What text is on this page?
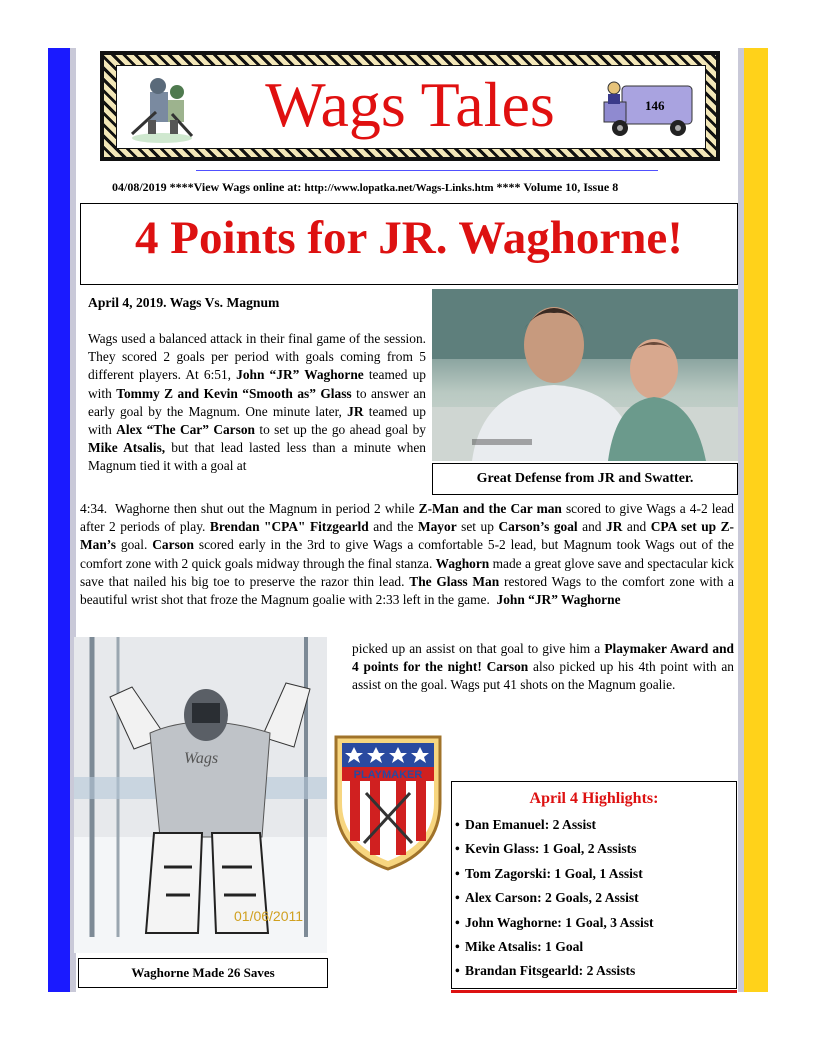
Wags Tales	146
04/08/2019 ****View Wags online at: http://www.lopatka.net/Wags-Links.htm **** Volume 10, Issue 8
4 Points for JR. Waghorne!
April 4, 2019. Wags Vs. Magnum
Wags used a balanced attack in their final game of the session. They scored 2 goals per period with goals coming from 5 different players. At 6:51, John “JR” Waghorne teamed up with Tommy Z and Kevin “Smooth as” Glass to answer an early goal by the Magnum. One minute later, JR teamed up with Alex “The Car” Carson to set up the go ahead goal by Mike Atsalis, but that lead lasted less than a minute when Magnum tied it with a goal at
4:34.  Waghorne then shut out the Magnum in period 2 while Z-Man and the Car man scored to give Wags a 4-2 lead after 2 periods of play. Brendan "CPA" Fitzgearld and the Mayor set up Carson’s goal and JR and CPA set up Z-Man’s goal. Carson scored early in the 3rd to give Wags a comfortable 5-2 lead, but Magnum took Wags out of the comfort zone with 2 quick goals midway through the final stanza. Waghorn made a great glove save and spectacular kick save that nailed his big toe to preserve the razor thin lead. The Glass Man restored Wags to the comfort zone with a beautiful wrist shot that froze the Magnum goalie with 2:33 left in the game.  John “JR” Waghorne
picked up an assist on that goal to give him a Playmaker Award and 4 points for the night! Carson also picked up his 4th point with an assist on the goal. Wags put 41 shots on the Magnum goalie.
Great Defense from JR and Swatter.
Wags
01/06/2011
Waghorne Made 26 Saves
PLAYMAKER
April 4 Highlights:
• Dan Emanuel: 2 Assist
• Kevin Glass: 1 Goal, 2 Assists
• Tom Zagorski: 1 Goal, 1 Assist
• Alex Carson: 2 Goals, 2 Assist
• John Waghorne: 1 Goal, 3 Assist
• Mike Atsalis: 1 Goal
• Brandan Fitsgearld: 2 Assists
